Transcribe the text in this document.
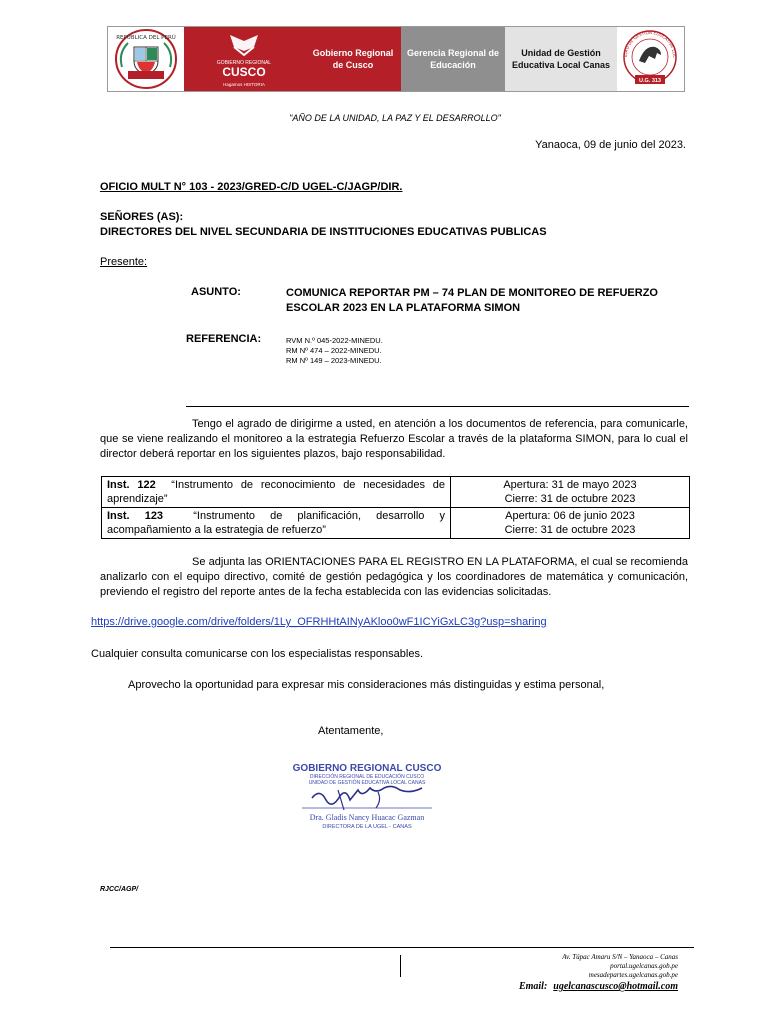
REPÚBLICA DEL PERÚ
GOBIERNO REGIONAL
CUSCO
Hagamos HISTORIA
Gobierno Regional de Cusco
Gerencia Regional de Educación
Unidad de Gestión Educativa Local Canas
IDAD DE GESTIÓN EDUCATIVA LOC
U.G. 313
"AÑO DE LA UNIDAD, LA PAZ Y EL DESARROLLO"
Yanaoca, 09 de junio del 2023.
OFICIO MULT N° 103 - 2023/GRED-C/D UGEL-C/JAGP/DIR.
SEÑORES (AS):
DIRECTORES DEL NIVEL SECUNDARIA DE INSTITUCIONES EDUCATIVAS PUBLICAS
Presente:
ASUNTO:	COMUNICA REPORTAR PM – 74 PLAN DE MONITOREO DE REFUERZO ESCOLAR 2023 EN LA PLATAFORMA SIMON
REFERENCIA:	RVM N.º 045-2022-MINEDU.
RM Nº 474 – 2022-MINEDU.
RM Nº 149 – 2023-MINEDU.
Tengo el agrado de dirigirme a usted, en atención a los documentos de referencia, para comunicarle, que se viene realizando el monitoreo a la estrategia Refuerzo Escolar a través de la plataforma SIMON, para lo cual el director deberá reportar en los siguientes plazos, bajo responsabilidad.
Inst. 122 “Instrumento de reconocimiento de necesidades de aprendizaje”	Apertura: 31 de mayo 2023
Cierre: 31 de octubre 2023

Inst. 123 “Instrumento de planificación, desarrollo y acompañamiento a la estrategia de refuerzo”	Apertura: 06 de junio 2023
Cierre: 31 de octubre 2023
Se adjunta las ORIENTACIONES PARA EL REGISTRO EN LA PLATAFORMA, el cual se recomienda analizarlo con el equipo directivo, comité de gestión pedagógica y los coordinadores de matemática y comunicación, previendo el registro del reporte antes de la fecha establecida con las evidencias solicitadas.
https://drive.google.com/drive/folders/1Ly_OFRHHtAINyAKloo0wF1ICYiGxLC3g?usp=sharing
Cualquier consulta comunicarse con los especialistas responsables.
Aprovecho la oportunidad para expresar mis consideraciones más distinguidas y estima personal,
Atentamente,
GOBIERNO REGIONAL CUSCO
DIRECCIÓN REGIONAL DE EDUCACIÓN CUSCO
UNIDAD DE GESTIÓN EDUCATIVA LOCAL CANAS
Dra. Gladis Nancy Huacac Gazman
DIRECTORA DE LA UGEL - CANAS
RJCC/AGP/
Av. Túpac Amaru S/N – Yanaoca – Canas
portal.ugelcanas.gob.pe
mesadepartes.ugelcanas.gob.pe
Email: ugelcanascusco@hotmail.com
